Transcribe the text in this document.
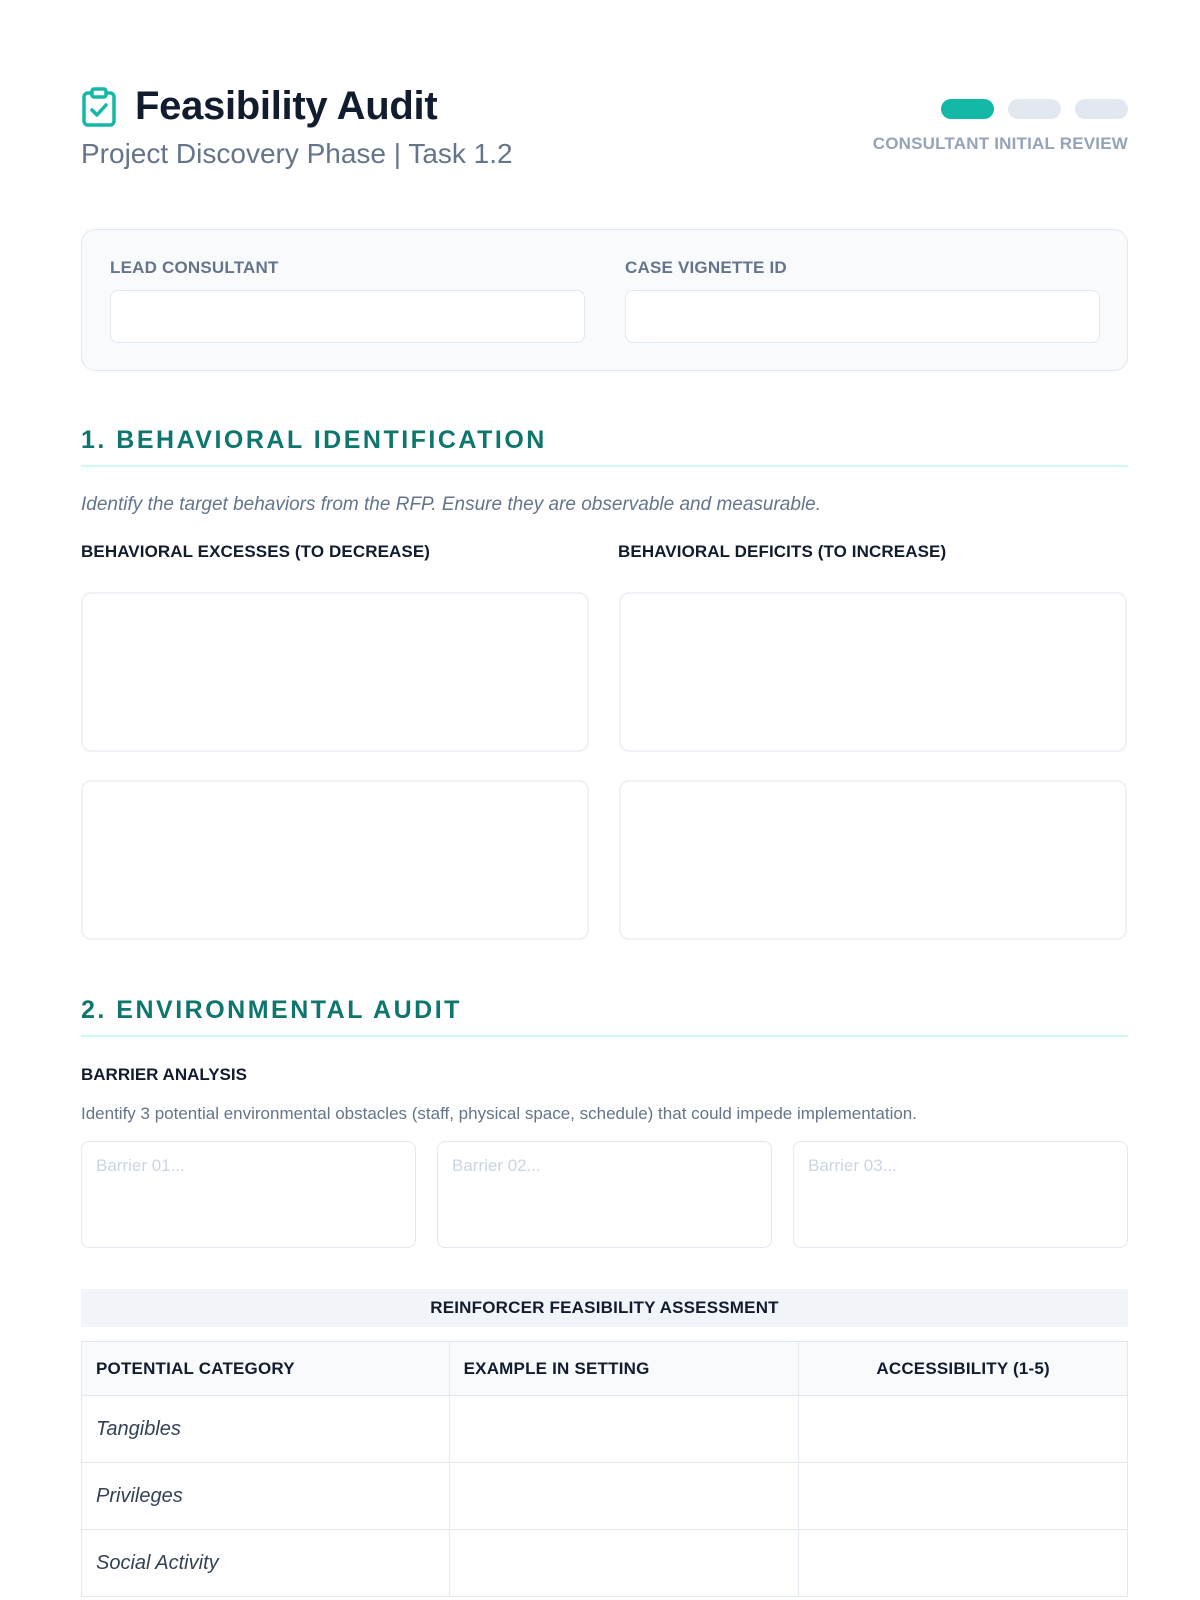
Feasibility Audit
Project Discovery Phase | Task 1.2	CONSULTANT INITIAL REVIEW
LEAD CONSULTANT	CASE VIGNETTE ID
1. BEHAVIORAL IDENTIFICATION

Identify the target behaviors from the RFP. Ensure they are observable and measurable.

BEHAVIORAL EXCESSES (TO DECREASE)	BEHAVIORAL DEFICITS (TO INCREASE)
2. ENVIRONMENTAL AUDIT
BARRIER ANALYSIS
Identify 3 potential environmental obstacles (staff, physical space, schedule) that could impede implementation.
Barrier 01...	Barrier 02...	Barrier 03...
REINFORCER FEASIBILITY ASSESSMENT
POTENTIAL CATEGORY	EXAMPLE IN SETTING	ACCESSIBILITY (1-5)
Tangibles		
Privileges		
Social Activity		
